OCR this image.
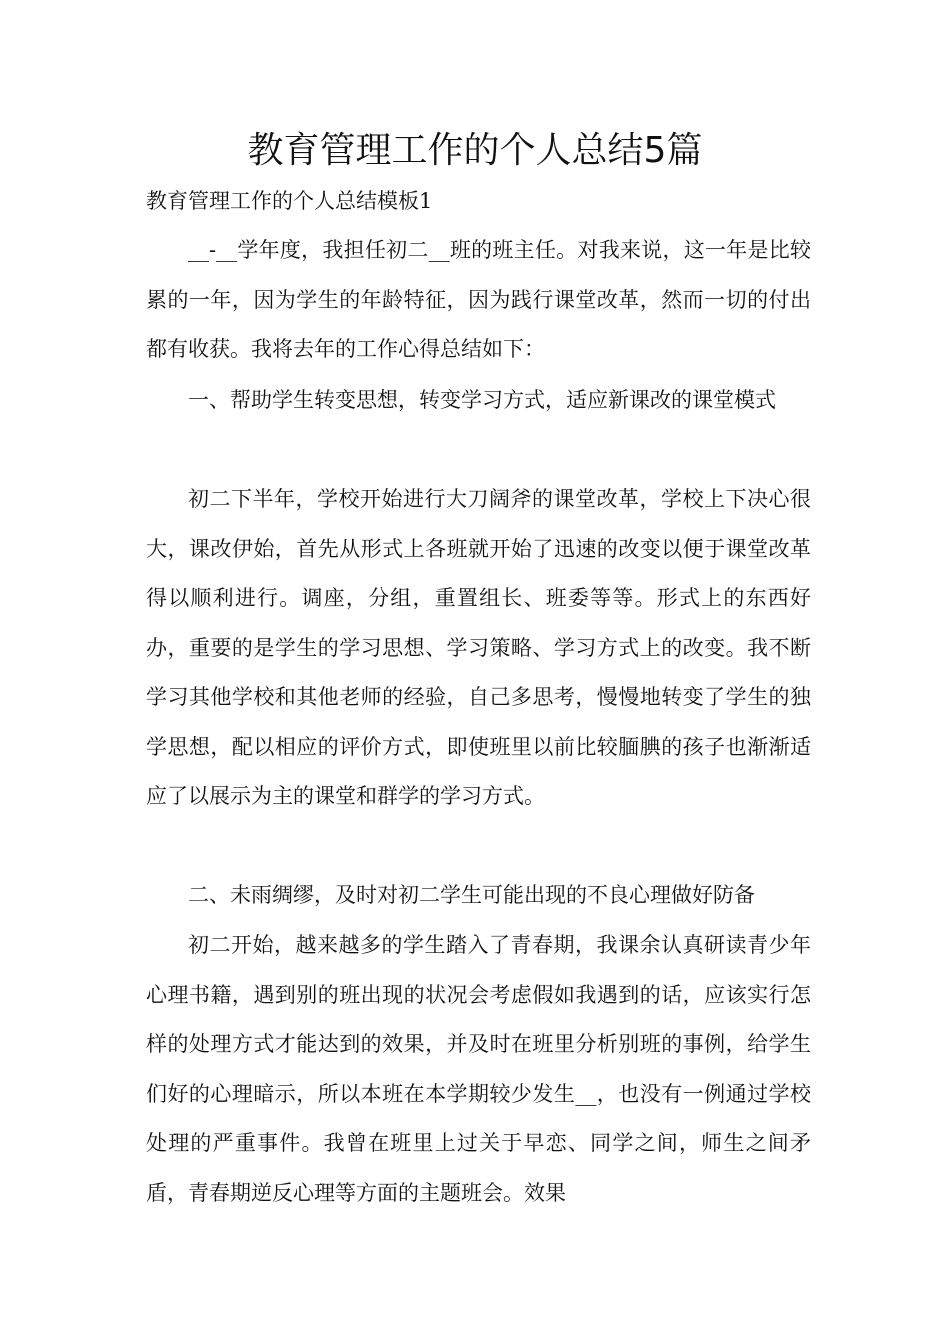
教育管理工作的个人总结5篇
教育管理工作的个人总结模板1

__-__学年度，我担任初二__班的班主任。对我来说，这一年是比较累的一年，因为学生的年龄特征，因为践行课堂改革，然而一切的付出都有收获。我将去年的工作心得总结如下：

一、帮助学生转变思想，转变学习方式，适应新课改的课堂模式

初二下半年，学校开始进行大刀阔斧的课堂改革，学校上下决心很大，课改伊始，首先从形式上各班就开始了迅速的改变以便于课堂改革得以顺利进行。调座，分组，重置组长、班委等等。形式上的东西好办，重要的是学生的学习思想、学习策略、学习方式上的改变。我不断学习其他学校和其他老师的经验，自己多思考，慢慢地转变了学生的独学思想，配以相应的评价方式，即使班里以前比较腼腆的孩子也渐渐适应了以展示为主的课堂和群学的学习方式。

二、未雨绸缪，及时对初二学生可能出现的不良心理做好防备

初二开始，越来越多的学生踏入了青春期，我课余认真研读青少年心理书籍，遇到别的班出现的状况会考虑假如我遇到的话，应该实行怎样的处理方式才能达到的效果，并及时在班里分析别班的事例，给学生们好的心理暗示，所以本班在本学期较少发生__，也没有一例通过学校处理的严重事件。我曾在班里上过关于早恋、同学之间，师生之间矛盾，青春期逆反心理等方面的主题班会。效果
